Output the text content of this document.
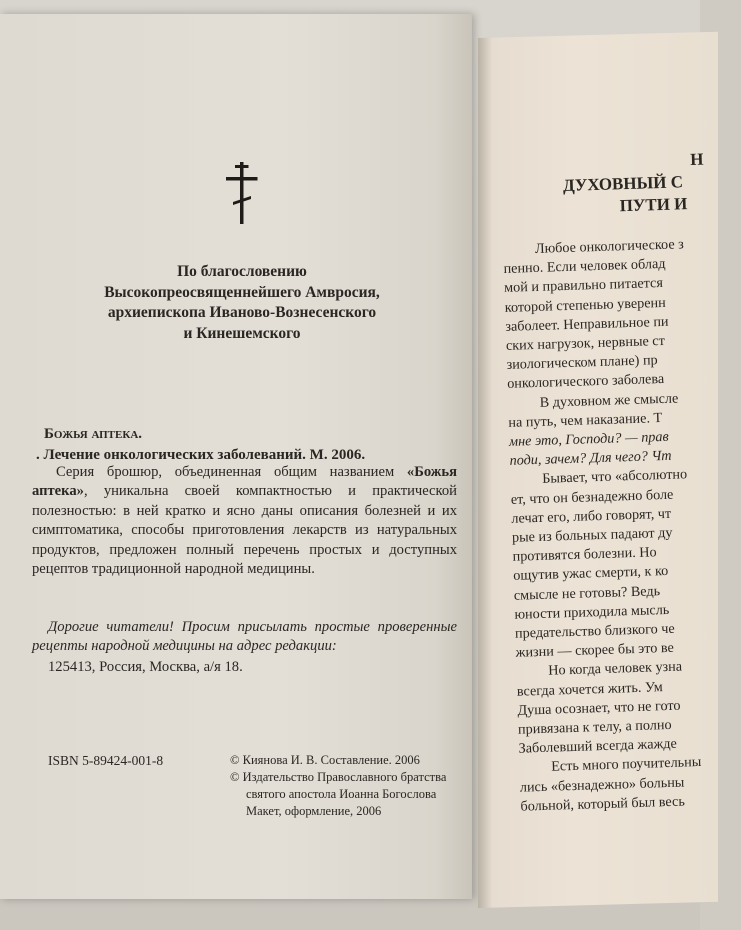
По благословению
Высокопреосвященнейшего Амвросия,
архиепископа Иваново-Вознесенского
и Кинешемского
Божья аптека.
. Лечение онкологических заболеваний. М. 2006.

Серия брошюр, объединенная общим названием «Божья аптека», уникальна своей компактностью и практической полезностью: в ней кратко и ясно даны описания болезней и их симптоматика, способы приготовления лекарств из натуральных продуктов, предложен полный перечень простых и доступных рецептов традиционной народной медицины.

Дорогие читатели! Просим присылать простые проверенные рецепты народной медицины на адрес редакции:
125413, Россия, Москва, а/я 18.
ISBN 5-89424-001-8	© Киянова И. В. Составление. 2006
© Издательство Православного братства
святого апостола Иоанна Богослова
Макет, оформление, 2006
Н
ДУХОВНЫЙ С
ПУТИ И
Любое онкологическое з
пенно. Если человек облад
мой и правильно питается
которой степенью уверенн
заболеет. Неправильное пи
ских нагрузок, нервные ст
зиологическом плане) пр
онкологического заболева
В духовном же смысле
на путь, чем наказание. Т
мне это, Господи? — прав
поди, зачем? Для чего? Чт
Бывает, что «абсолютно
ет, что он безнадежно боле
лечат его, либо говорят, чт
рые из больных падают ду
противятся болезни. Но
ощутив ужас смерти, к ко
смысле не готовы? Ведь
юности приходила мысль
предательство близкого че
жизни — скорее бы это ве
Но когда человек узна
всегда хочется жить. Ум
Душа осознает, что не гото
привязана к телу, а полно
Заболевший всегда жажде
Есть много поучительны
лись «безнадежно» больны
больной, который был весь
